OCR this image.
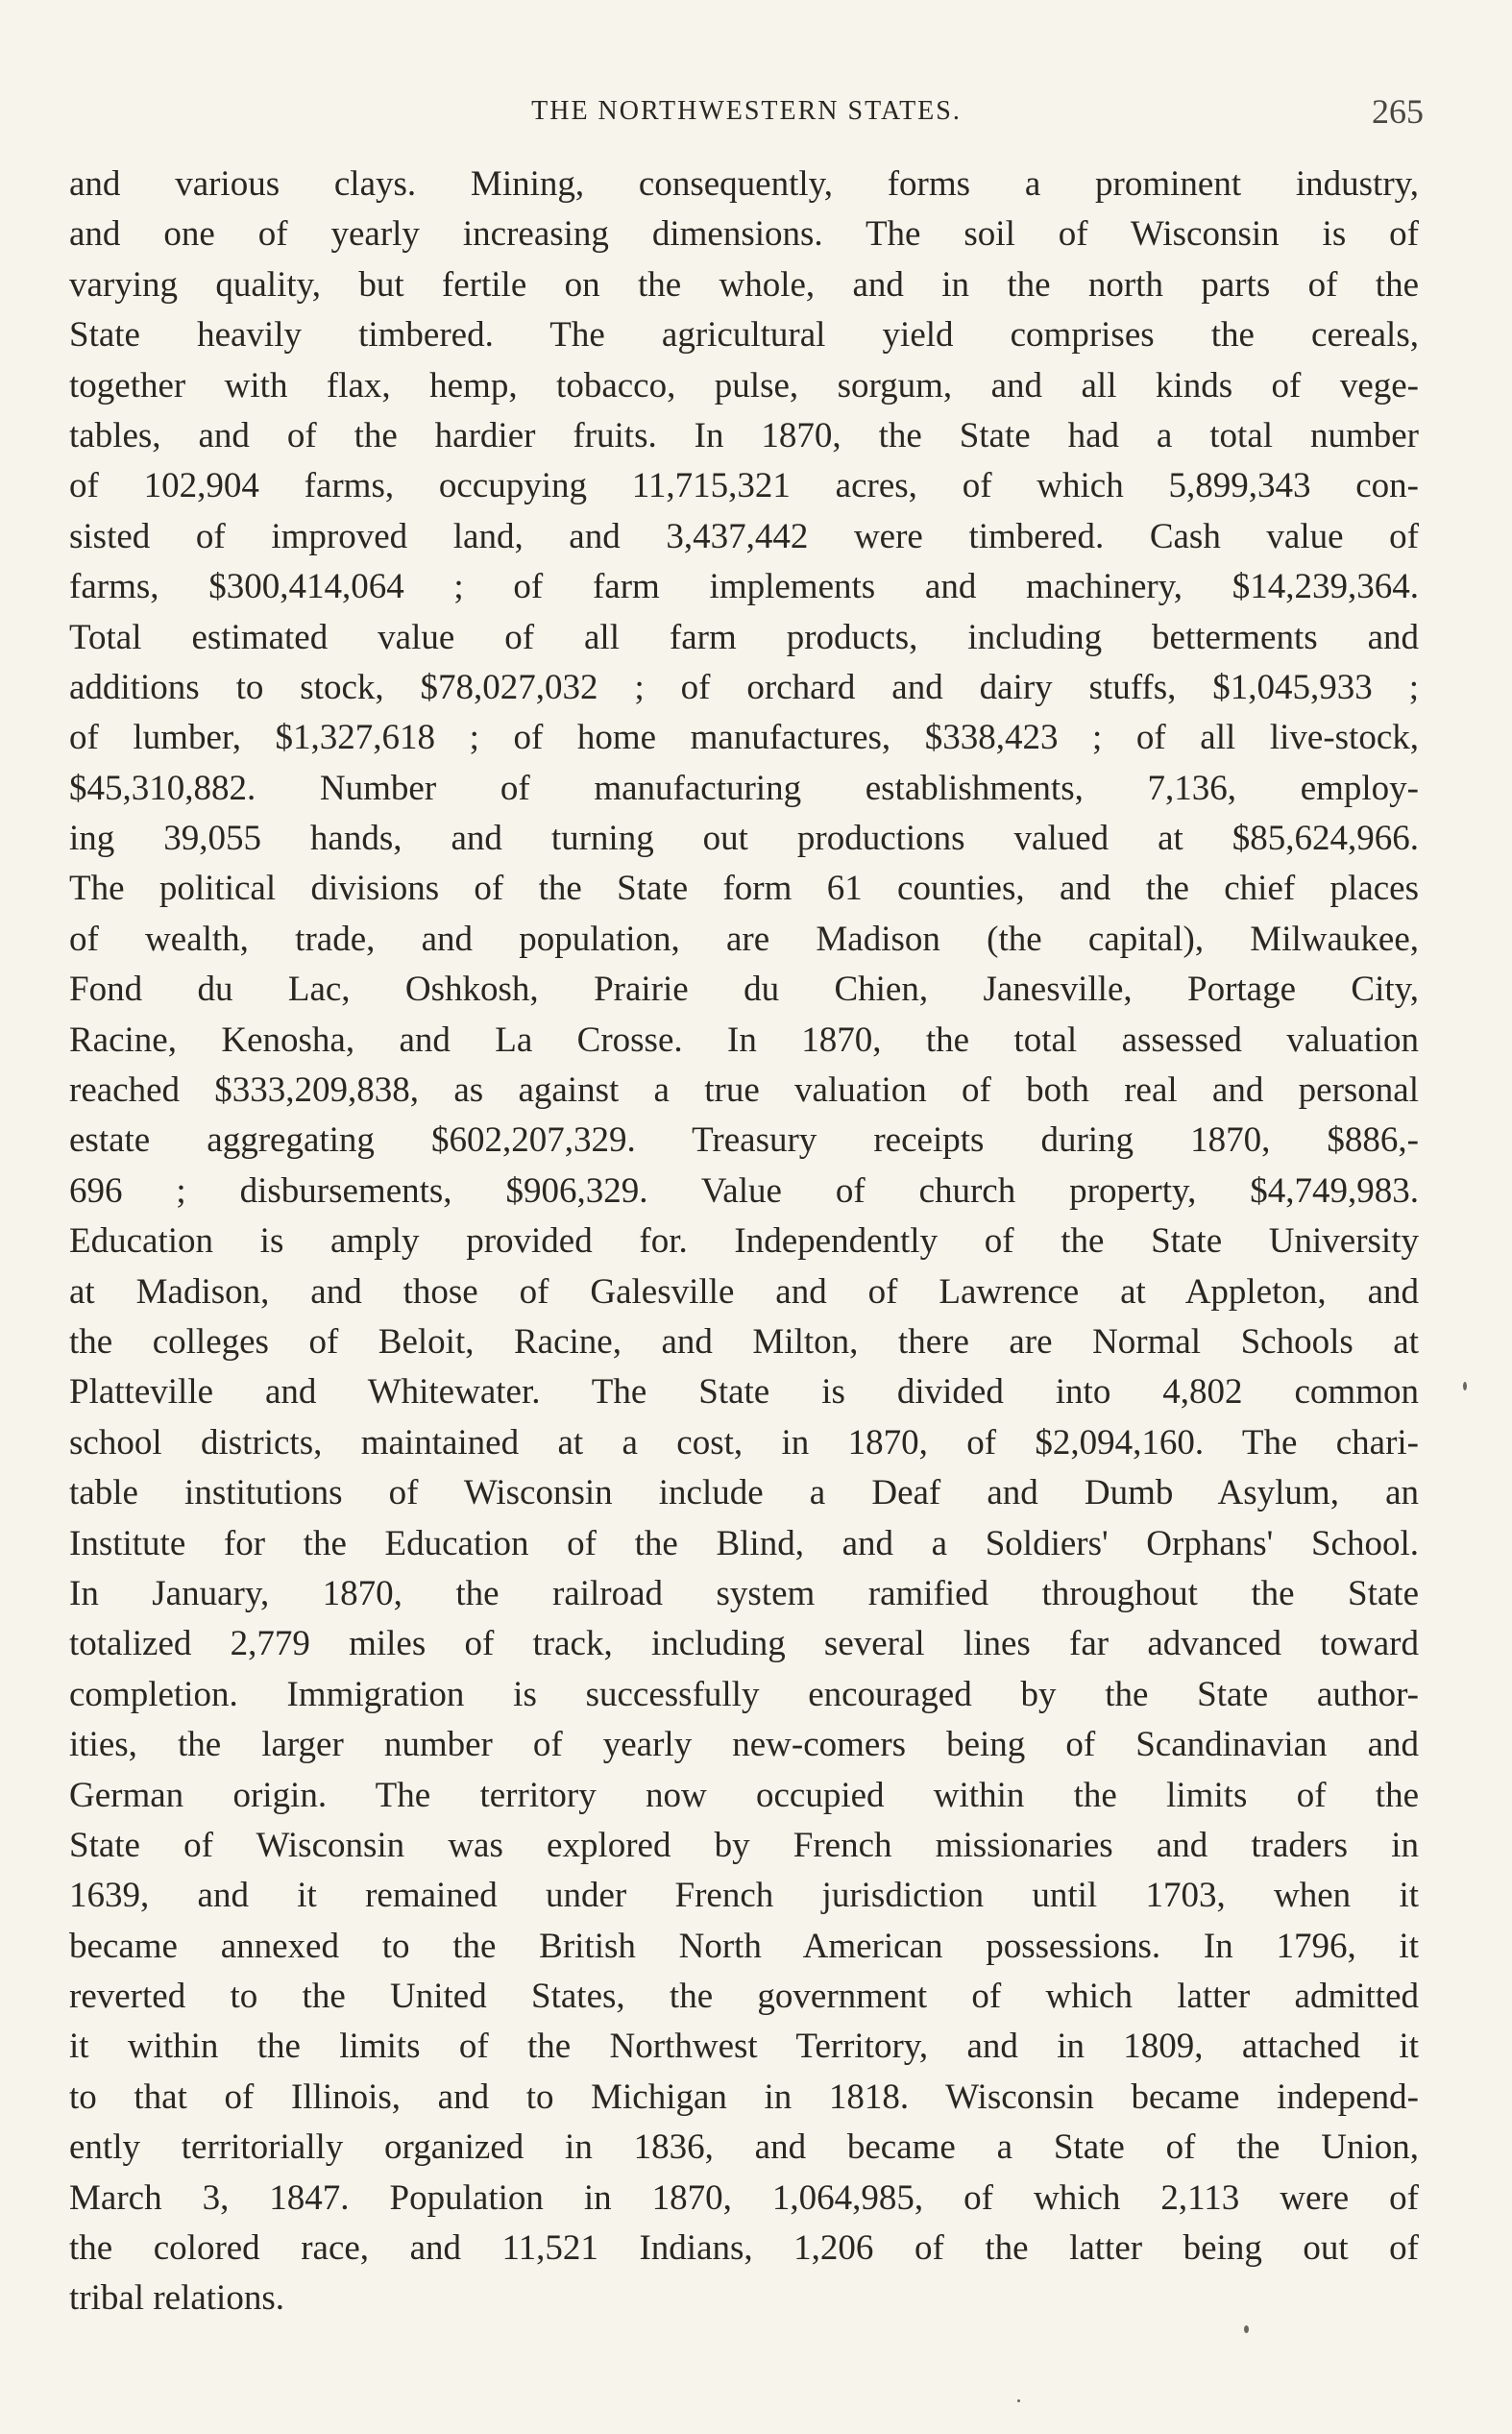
THE NORTHWESTERN STATES.	265
and various clays. Mining, consequently, forms a prominent industry,
and one of yearly increasing dimensions. The soil of Wisconsin is of
varying quality, but fertile on the whole, and in the north parts of the
State heavily timbered. The agricultural yield comprises the cereals,
together with flax, hemp, tobacco, pulse, sorgum, and all kinds of vege-
tables, and of the hardier fruits. In 1870, the State had a total number
of 102,904 farms, occupying 11,715,321 acres, of which 5,899,343 con-
sisted of improved land, and 3,437,442 were timbered. Cash value of
farms, $300,414,064 ; of farm implements and machinery, $14,239,364.
Total estimated value of all farm products, including betterments and
additions to stock, $78,027,032 ; of orchard and dairy stuffs, $1,045,933 ;
of lumber, $1,327,618 ; of home manufactures, $338,423 ; of all live-stock,
$45,310,882. Number of manufacturing establishments, 7,136, employ-
ing 39,055 hands, and turning out productions valued at $85,624,966.
The political divisions of the State form 61 counties, and the chief places
of wealth, trade, and population, are Madison (the capital), Milwaukee,
Fond du Lac, Oshkosh, Prairie du Chien, Janesville, Portage City,
Racine, Kenosha, and La Crosse. In 1870, the total assessed valuation
reached $333,209,838, as against a true valuation of both real and personal
estate aggregating $602,207,329. Treasury receipts during 1870, $886,-
696 ; disbursements, $906,329. Value of church property, $4,749,983.
Education is amply provided for. Independently of the State University
at Madison, and those of Galesville and of Lawrence at Appleton, and
the colleges of Beloit, Racine, and Milton, there are Normal Schools at
Platteville and Whitewater. The State is divided into 4,802 common
school districts, maintained at a cost, in 1870, of $2,094,160. The chari-
table institutions of Wisconsin include a Deaf and Dumb Asylum, an
Institute for the Education of the Blind, and a Soldiers' Orphans' School.
In January, 1870, the railroad system ramified throughout the State
totalized 2,779 miles of track, including several lines far advanced toward
completion. Immigration is successfully encouraged by the State author-
ities, the larger number of yearly new-comers being of Scandinavian and
German origin. The territory now occupied within the limits of the
State of Wisconsin was explored by French missionaries and traders in
1639, and it remained under French jurisdiction until 1703, when it
became annexed to the British North American possessions. In 1796, it
reverted to the United States, the government of which latter admitted
it within the limits of the Northwest Territory, and in 1809, attached it
to that of Illinois, and to Michigan in 1818. Wisconsin became independ-
ently territorially organized in 1836, and became a State of the Union,
March 3, 1847. Population in 1870, 1,064,985, of which 2,113 were of
the colored race, and 11,521 Indians, 1,206 of the latter being out of
tribal relations.
